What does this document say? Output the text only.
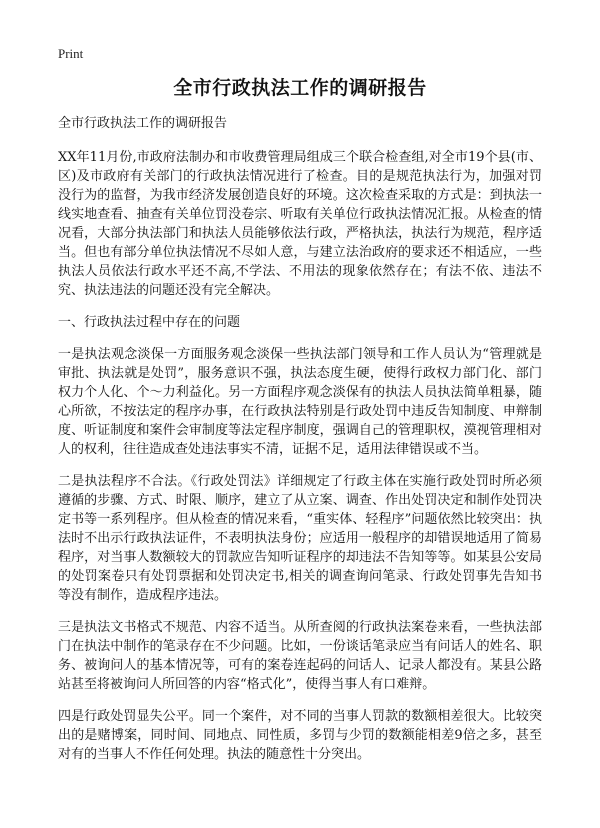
Print
全市行政执法工作的调研报告
全市行政执法工作的调研报告

XX年11月份,市政府法制办和市收费管理局组成三个联合检查组,对全市19个县(市、区)及市政府有关部门的行政执法情况进行了检查。目的是规范执法行为，加强对罚没行为的监督，为我市经济发展创造良好的环境。这次检查采取的方式是：到执法一线实地查看、抽查有关单位罚没卷宗、听取有关单位行政执法情况汇报。从检查的情况看，大部分执法部门和执法人员能够依法行政，严格执法，执法行为规范，程序适当。但也有部分单位执法情况不尽如人意，与建立法治政府的要求还不相适应，一些执法人员依法行政水平还不高,不学法、不用法的现象依然存在；有法不依、违法不究、执法违法的问题还没有完全解决。

一、行政执法过程中存在的问题

一是执法观念淡保一方面服务观念淡保一些执法部门领导和工作人员认为“管理就是审批、执法就是处罚”，服务意识不强，执法态度生硬，使得行政权力部门化、部门权力个人化、个～力利益化。另一方面程序观念淡保有的执法人员执法简单粗暴，随心所欲，不按法定的程序办事，在行政执法特别是行政处罚中违反告知制度、申辩制度、听证制度和案件会审制度等法定程序制度，强调自己的管理职权，漠视管理相对人的权利，往往造成查处违法事实不清，证据不足，适用法律错误或不当。

二是执法程序不合法。《行政处罚法》详细规定了行政主体在实施行政处罚时所必须遵循的步骤、方式、时限、顺序，建立了从立案、调查、作出处罚决定和制作处罚决定书等一系列程序。但从检查的情况来看，“重实体、轻程序”问题依然比较突出：执法时不出示行政执法证件，不表明执法身份；应适用一般程序的却错误地适用了简易程序，对当事人数额较大的罚款应告知听证程序的却违法不告知等等。如某县公安局的处罚案卷只有处罚票据和处罚决定书,相关的调查询问笔录、行政处罚事先告知书等没有制作，造成程序违法。

三是执法文书格式不规范、内容不适当。从所查阅的行政执法案卷来看，一些执法部门在执法中制作的笔录存在不少问题。比如，一份谈话笔录应当有问话人的姓名、职务、被询问人的基本情况等，可有的案卷连起码的问话人、记录人都没有。某县公路站甚至将被询问人所回答的内容“格式化”，使得当事人有口难辩。

四是行政处罚显失公平。同一个案件，对不同的当事人罚款的数额相差很大。比较突出的是赌博案，同时间、同地点、同性质，多罚与少罚的数额能相差9倍之多，甚至对有的当事人不作任何处理。执法的随意性十分突出。
